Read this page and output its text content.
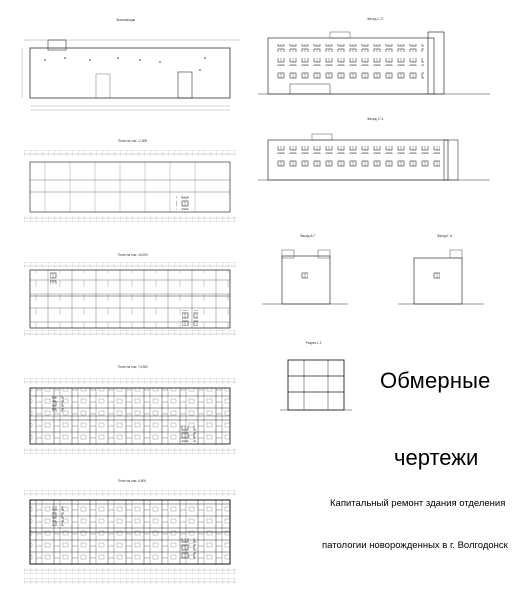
Экспликация
План на отм. -2,500
План на отм. ±0,000
План на отм. +3,300
План на отм. 6,600
Фасад 1-17
Фасад 17-1
Фасад А-Г	Фасад Г-А
Разрез 1-1
Обмерные
чертежи
Капитальный ремонт здания отделения
патологии новорожденных в г. Волгодонск
